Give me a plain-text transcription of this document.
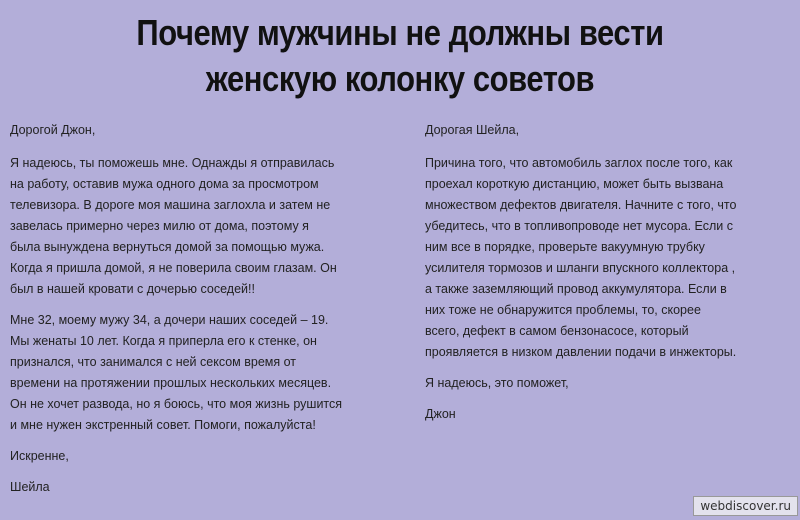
Почему мужчины не должны вести
женскую колонку советов
Дорогой Джон,
Я надеюсь, ты поможешь мне. Однажды я отправилась
на работу, оставив мужа одного дома за просмотром
телевизора. В дороге моя машина заглохла и затем не
завелась примерно через милю от дома, поэтому я
была вынуждена вернуться домой за помощью мужа.
Когда я пришла домой, я не поверила своим глазам. Он
был в нашей кровати с дочерью соседей!!
Мне 32, моему мужу 34, а дочери наших соседей – 19.
Мы женаты 10 лет. Когда я приперла его к стенке, он
признался, что занимался с ней сексом время от
времени на протяжении прошлых нескольких месяцев.
Он не хочет развода, но я боюсь, что моя жизнь рушится
и мне нужен экстренный совет. Помоги, пожалуйста!
Искренне,
Шейла
Дорогая Шейла,
Причина того, что автомобиль заглох после того, как
проехал короткую дистанцию, может быть вызвана
множеством дефектов двигателя. Начните с того, что
убедитесь, что в топливопроводе нет мусора. Если с
ним все в порядке, проверьте вакуумную трубку
усилителя тормозов и шланги впускного коллектора ,
а также заземляющий провод аккумулятора. Если в
них тоже не обнаружится проблемы, то, скорее
всего, дефект в самом бензонасосе, который
проявляется в низком давлении подачи в инжекторы.
Я надеюсь, это поможет,
Джон
webdiscover.ru
